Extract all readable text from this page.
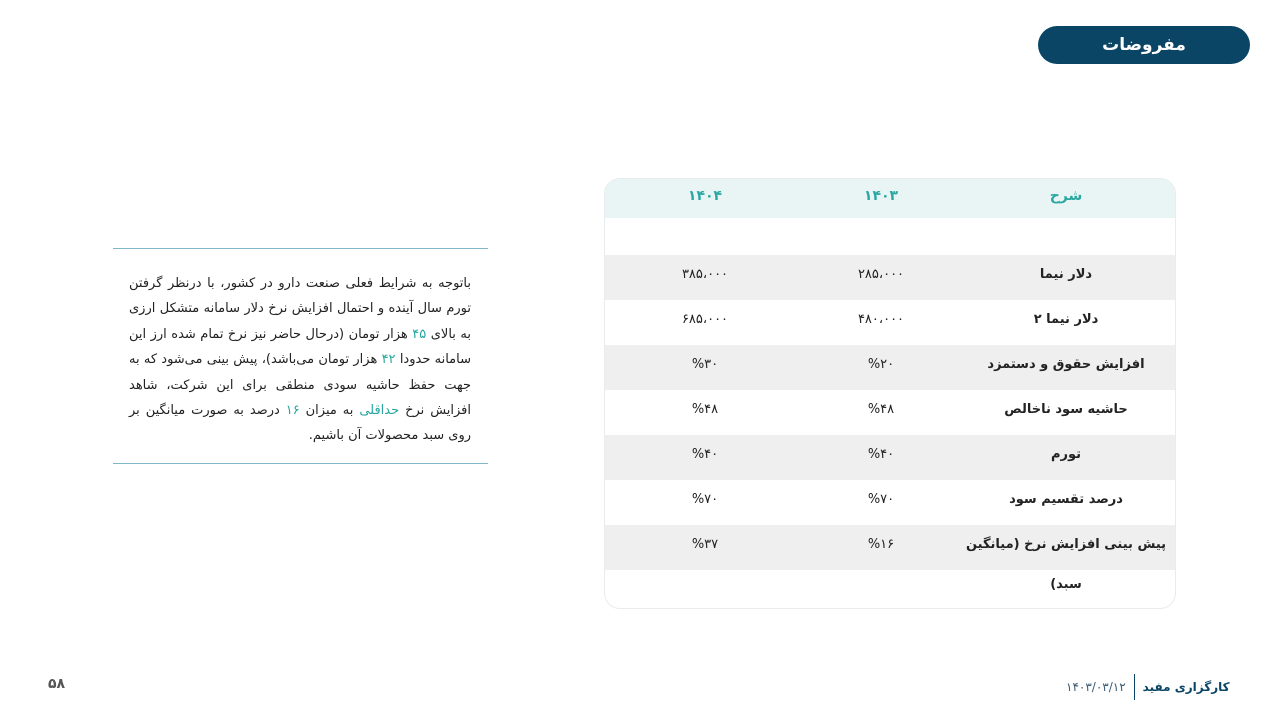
مفروضات

باتوجه به شرایط فعلی صنعت دارو در کشور، با درنظر گرفتن تورم سال آینده و احتمال افزایش نرخ دلار سامانه متشکل ارزی به بالای ۴۵ هزار تومان (درحال حاضر نیز نرخ تمام شده ارز این سامانه حدودا ۴۲ هزار تومان می‌باشد)، پیش بینی می‌شود که به جهت حفظ حاشیه سودی منطقی برای این شرکت، شاهد افزایش نرخ حداقلی به میزان ۱۶ درصد به صورت میانگین بر روی سبد محصولات آن باشیم.

شرح
۱۴۰۳
۱۴۰۴
دلار نیما
۲۸۵،۰۰۰
۳۸۵،۰۰۰
دلار نیما ۲
۴۸۰،۰۰۰
۶۸۵،۰۰۰
افزایش حقوق و دستمزد
%۲۰
%۳۰
حاشیه سود ناخالص
%۴۸
%۴۸
تورم
%۴۰
%۴۰
درصد تقسیم سود
%۷۰
%۷۰
پیش بینی افزایش نرخ (میانگین سبد)
%۱۶
%۳۷
۵۸	۱۴۰۳/۰۳/۱۲	کارگزاری مفید
